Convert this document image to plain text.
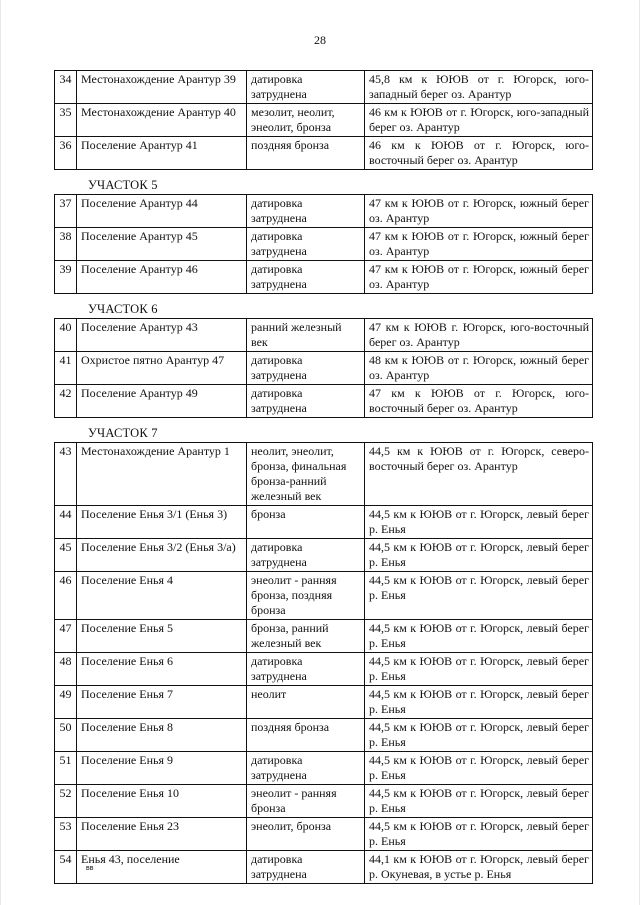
28
34	Местонахождение Арантур 39	датировка затруднена	45,8 км к ЮЮВ от г. Югорск, юго-западный берег оз. Арантур
35	Местонахождение Арантур 40	мезолит, неолит, энеолит, бронза	46 км к ЮЮВ от г. Югорск, юго-западный берег оз. Арантур
36	Поселение Арантур 41	поздняя бронза	46 км к ЮЮВ от г. Югорск, юго-восточный берег оз. Арантур
УЧАСТОК 5
37	Поселение Арантур 44	датировка затруднена	47 км к ЮЮВ от г. Югорск, южный берег оз. Арантур
38	Поселение Арантур 45	датировка затруднена	47 км к ЮЮВ от г. Югорск, южный берег оз. Арантур
39	Поселение Арантур 46	датировка затруднена	47 км к ЮЮВ от г. Югорск, южный берег оз. Арантур
УЧАСТОК 6
40	Поселение Арантур 43	ранний железный век	47 км к ЮЮВ г. Югорск, юго-восточный берег оз. Арантур
41	Охристое пятно Арантур 47	датировка затруднена	48 км к ЮЮВ от г. Югорск, южный берег оз. Арантур
42	Поселение Арантур 49	датировка затруднена	47 км к ЮЮВ от г. Югорск, юго-восточный берег оз. Арантур
УЧАСТОК 7
43	Местонахождение Арантур 1	неолит, энеолит, бронза, финальная бронза-ранний железный век	44,5 км к ЮЮВ от г. Югорск, северо-восточный берег оз. Арантур
44	Поселение Енья 3/1 (Енья 3)	бронза	44,5 км к ЮЮВ от г. Югорск, левый берег р. Енья
45	Поселение Енья 3/2 (Енья 3/а)	датировка затруднена	44,5 км к ЮЮВ от г. Югорск, левый берег р. Енья
46	Поселение Енья 4	энеолит - ранняя бронза, поздняя бронза	44,5 км к ЮЮВ от г. Югорск, левый берег р. Енья
47	Поселение Енья 5	бронза, ранний железный век	44,5 км к ЮЮВ от г. Югорск, левый берег р. Енья
48	Поселение Енья 6	датировка затруднена	44,5 км к ЮЮВ от г. Югорск, левый берег р. Енья
49	Поселение Енья 7	неолит	44,5 км к ЮЮВ от г. Югорск, левый берег р. Енья
50	Поселение Енья 8	поздняя бронза	44,5 км к ЮЮВ от г. Югорск, левый берег р. Енья
51	Поселение Енья 9	датировка затруднена	44,5 км к ЮЮВ от г. Югорск, левый берег р. Енья
52	Поселение Енья 10	энеолит - ранняя бронза	44,5 км к ЮЮВ от г. Югорск, левый берег р. Енья
53	Поселение Енья 23	энеолит, бронза	44,5 км к ЮЮВ от г. Югорск, левый берег р. Енья
54	Енья 43, поселение	датировка затруднена	44,1 км к ЮЮВ от г. Югорск, левый берег р. Окуневая, в устье р. Енья
вв
